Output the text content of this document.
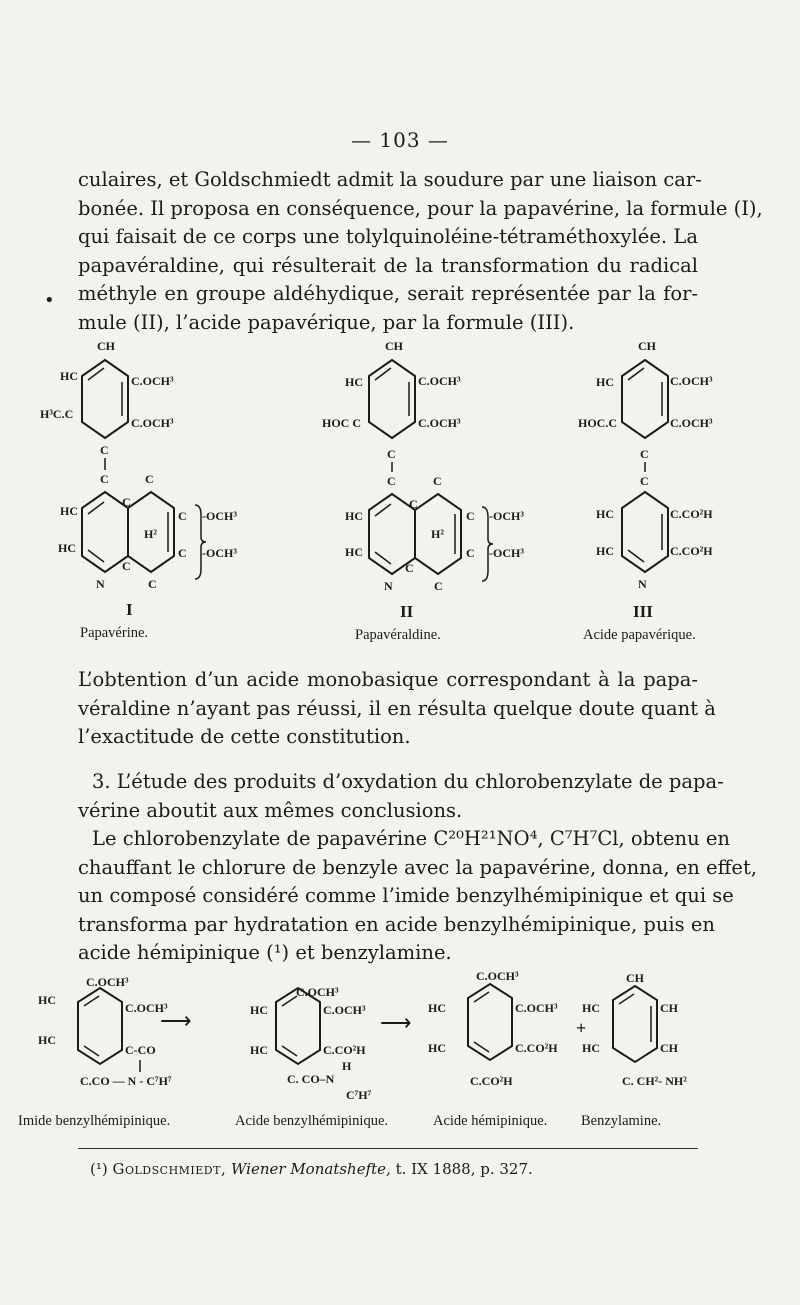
— 103 —
•

culaires, et Goldschmiedt admit la soudure par une liaison car-
bonée. Il proposa en conséquence, pour la papavérine, la formule (I),
qui faisait de ce corps une tolylquinoléine-tétraméthoxylée. La
papavéraldine, qui résulterait de la transformation du radical
méthyle en groupe aldéhydique, serait représentée par la for-
mule (II), l’acide papavérique, par la formule (III).

CH
HC
H³C.C
C.OCH³
C.OCH³
C
C	C
HC
HC
C
H²
C
C
-OCH³
-OCH³
C
N	C
I
Papavérine.
CH
HC
HOC C
C.OCH³
C.OCH³
C
C	C
HC
HC
C
H²
C
C
-OCH³
-OCH³
C
N	C
II
Papavéraldine.
CH
HC
HOC.C
C.OCH³
C.OCH³
C
C
HC
HC
C.CO²H
C.CO²H
N
III
Acide papavérique.

L’obtention d’un acide monobasique correspondant à la papa-
véraldine n’ayant pas réussi, il en résulta quelque doute quant à
l’exactitude de cette constitution.

3. L’étude des produits d’oxydation du chlorobenzylate de papa-
vérine aboutit aux mêmes conclusions.
Le chlorobenzylate de papavérine C²⁰H²¹NO⁴, C⁷H⁷Cl, obtenu en
chauffant le chlorure de benzyle avec la papavérine, donna, en effet,
un composé considéré comme l’imide benzylhémipinique et qui se
transforma par hydratation en acide benzylhémipinique, puis en
acide hémipinique (¹) et benzylamine.

C.OCH³
HC
C.OCH³
HC
C-CO
C.CO — N - C⁷H⁷
⟶
C.OCH³
HC	C.OCH³
HC	C.CO²H
H
C. CO–N
C⁷H⁷
⟶
C.OCH³
HC	C.OCH³
HC	C.CO²H
C.CO²H
+
CH
HC	CH
HC	CH
C. CH²- NH²
Imide benzylhémipinique.	Acide benzylhémipinique.	Acide hémipinique. Benzylamine.
(¹) Goldschmiedt, Wiener Monatshefte, t. IX 1888, p. 327.
